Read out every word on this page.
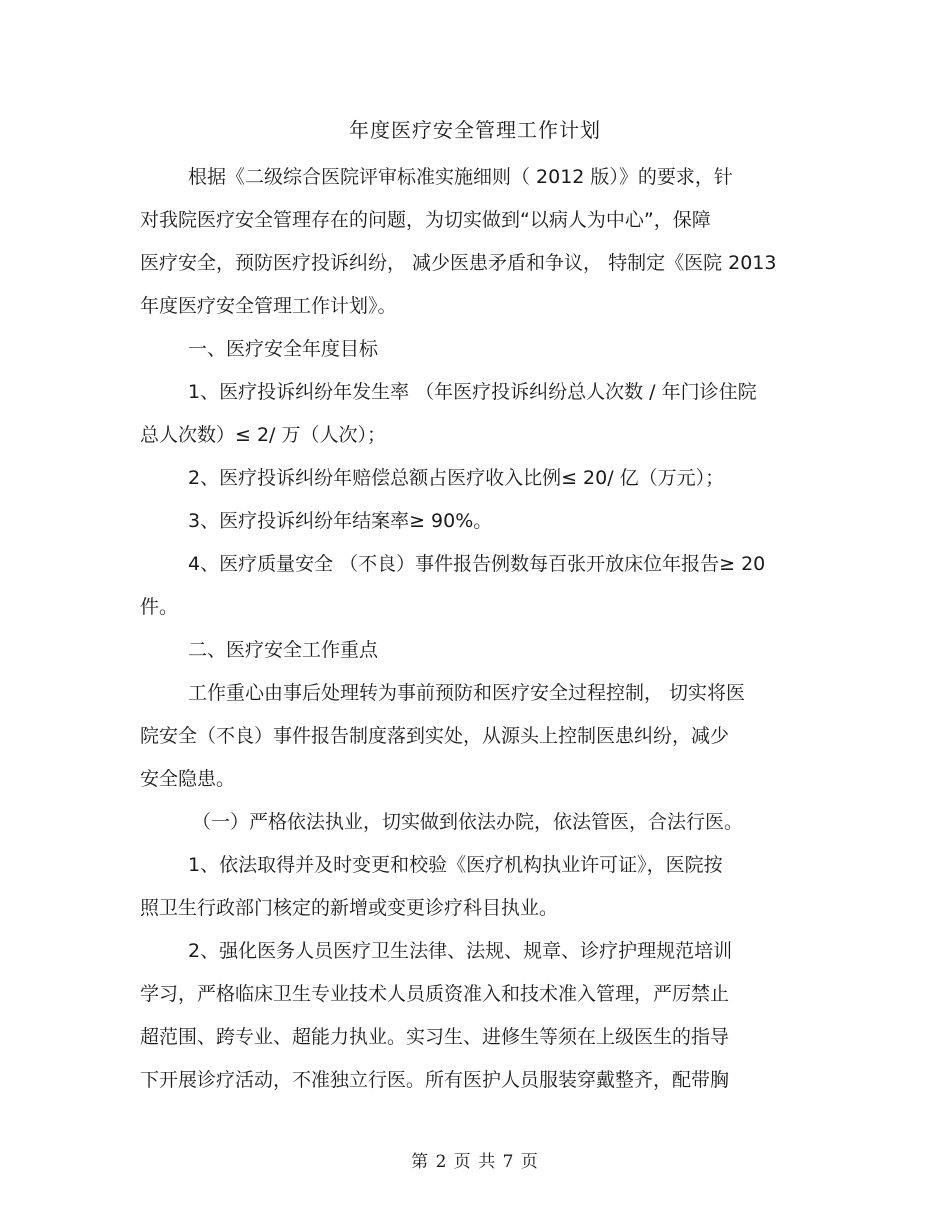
年度医疗安全管理工作计划

根据《二级综合医院评审标准实施细则（ 2012 版）》的要求，针
对我院医疗安全管理存在的问题，为切实做到“以病人为中心”，保障
医疗安全，预防医疗投诉纠纷， 减少医患矛盾和争议， 特制定《医院 2013
年度医疗安全管理工作计划》。

一、医疗安全年度目标

1、医疗投诉纠纷年发生率 （年医疗投诉纠纷总人次数 / 年门诊住院
总人次数）≤ 2/ 万（人次）；

2、医疗投诉纠纷年赔偿总额占医疗收入比例≤ 20/ 亿（万元）；

3、医疗投诉纠纷年结案率≥ 90%。

4、医疗质量安全 （不良）事件报告例数每百张开放床位年报告≥ 20
件。

二、医疗安全工作重点

工作重心由事后处理转为事前预防和医疗安全过程控制， 切实将医
院安全（不良）事件报告制度落到实处，从源头上控制医患纠纷，减少
安全隐患。

（一）严格依法执业，切实做到依法办院，依法管医，合法行医。

1、依法取得并及时变更和校验《医疗机构执业许可证》，医院按
照卫生行政部门核定的新增或变更诊疗科目执业。

2、强化医务人员医疗卫生法律、法规、规章、诊疗护理规范培训
学习，严格临床卫生专业技术人员质资准入和技术准入管理，严厉禁止
超范围、跨专业、超能力执业。实习生、进修生等须在上级医生的指导
下开展诊疗活动，不准独立行医。所有医护人员服装穿戴整齐，配带胸

第 2 页 共 7 页
